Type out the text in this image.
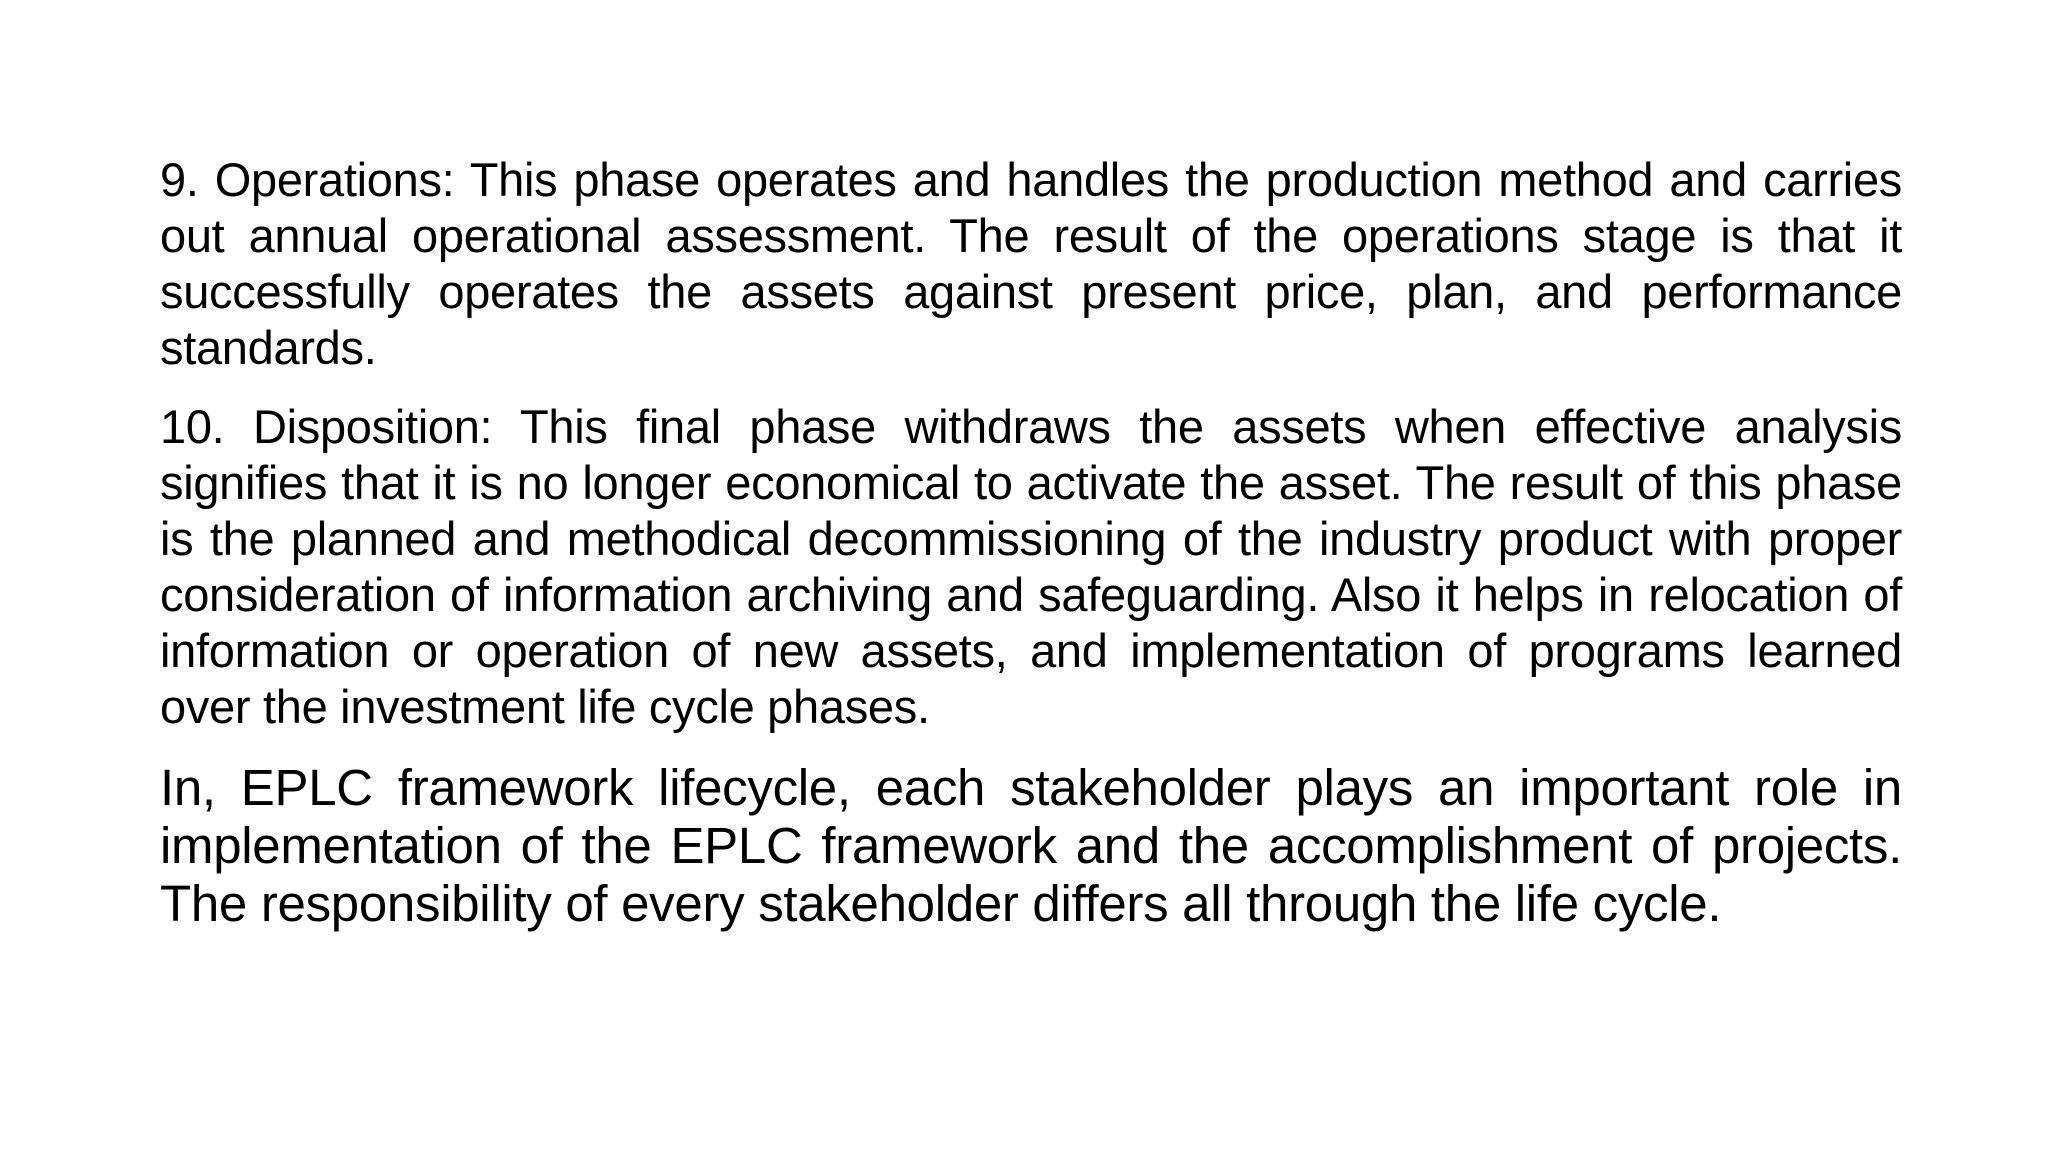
9. Operations: This phase operates and handles the production method and carries out annual operational assessment. The result of the operations stage is that it successfully operates the assets against present price, plan, and performance standards.

10. Disposition: This final phase withdraws the assets when effective analysis signifies that it is no longer economical to activate the asset. The result of this phase is the planned and methodical decommissioning of the industry product with proper consideration of information archiving and safeguarding. Also it helps in relocation of information or operation of new assets, and implementation of programs learned over the investment life cycle phases.

In, EPLC framework lifecycle, each stakeholder plays an important role in implementation of the EPLC framework and the accomplishment of projects. The responsibility of every stakeholder differs all through the life cycle.
